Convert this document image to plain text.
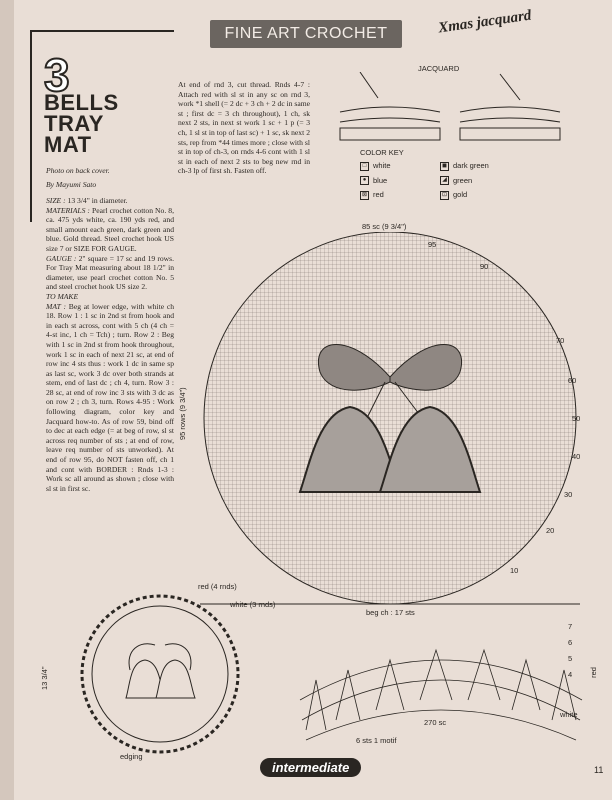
FINE ART CROCHET	Xmas jacquard
3
BELLS
TRAY
MAT
Photo on back cover.
By Mayumi Sato
SIZE : 13 3/4" in diameter.
MATERIALS : Pearl crochet cotton No. 8, ca. 475 yds white, ca. 190 yds red, and small amount each green, dark green and blue. Gold thread. Steel crochet hook US size 7 or SIZE FOR GAUGE.
GAUGE : 2" square = 17 sc and 19 rows. For Tray Mat measuring about 18 1/2" in diameter, use pearl crochet cotton No. 5 and steel crochet hook US size 2.
TO MAKE
MAT : Beg at lower edge, with white ch 18. Row 1 : 1 sc in 2nd st from hook and in each st across, cont with 5 ch (4 ch = 4-st inc, 1 ch = Tch) ; turn. Row 2 : Beg with 1 sc in 2nd st from hook throughout, work 1 sc in each of next 21 sc, at end of row inc 4 sts thus : work 1 dc in same sp as last sc, work 3 dc over both strands at stem, end of last dc ; ch 4, turn. Row 3 : 28 sc, at end of row inc 3 sts with 3 dc as on row 2 ; ch 3, turn. Rows 4-95 : Work following diagram, color key and Jacquard how-to. As of row 59, bind off to dec at each edge (= at beg of row, sl st across req number of sts ; at end of row, leave req number of sts unworked). At end of row 95, do NOT fasten off, ch 1 and cont with BORDER : Rnds 1-3 : Work sc all around as shown ; close with sl st in first sc.
At end of rnd 3, cut thread. Rnds 4-7 : Attach red with sl st in any sc on rnd 3, work *1 shell (= 2 dc + 3 ch + 2 dc in same st ; first dc = 3 ch throughout), 1 ch, sk next 2 sts, in next st work 1 sc + 1 p (= 3 ch, 1 sl st in top of last sc) + 1 sc, sk next 2 sts, rep from *44 times more ; close with sl st in top of ch-3, on rnds 4-6 cont with 1 sl st in each of next 2 sts to beg new rnd in ch-3 lp of first sh. Fasten off.
JACQUARD
COLOR KEY
□ white	◼ dark green
● blue	◢ green
⊠ red	⊡ gold
85 sc (9 3/4")
95 rows (9 3/4")
95
90
70
60
50
40
30
20
10
beg ch : 17 sts
red (4 rnds)
white (3 rnds)
13 3/4"
edging
7
6
5
4 red
white
270 sc
6 sts 1 motif
intermediate	11
